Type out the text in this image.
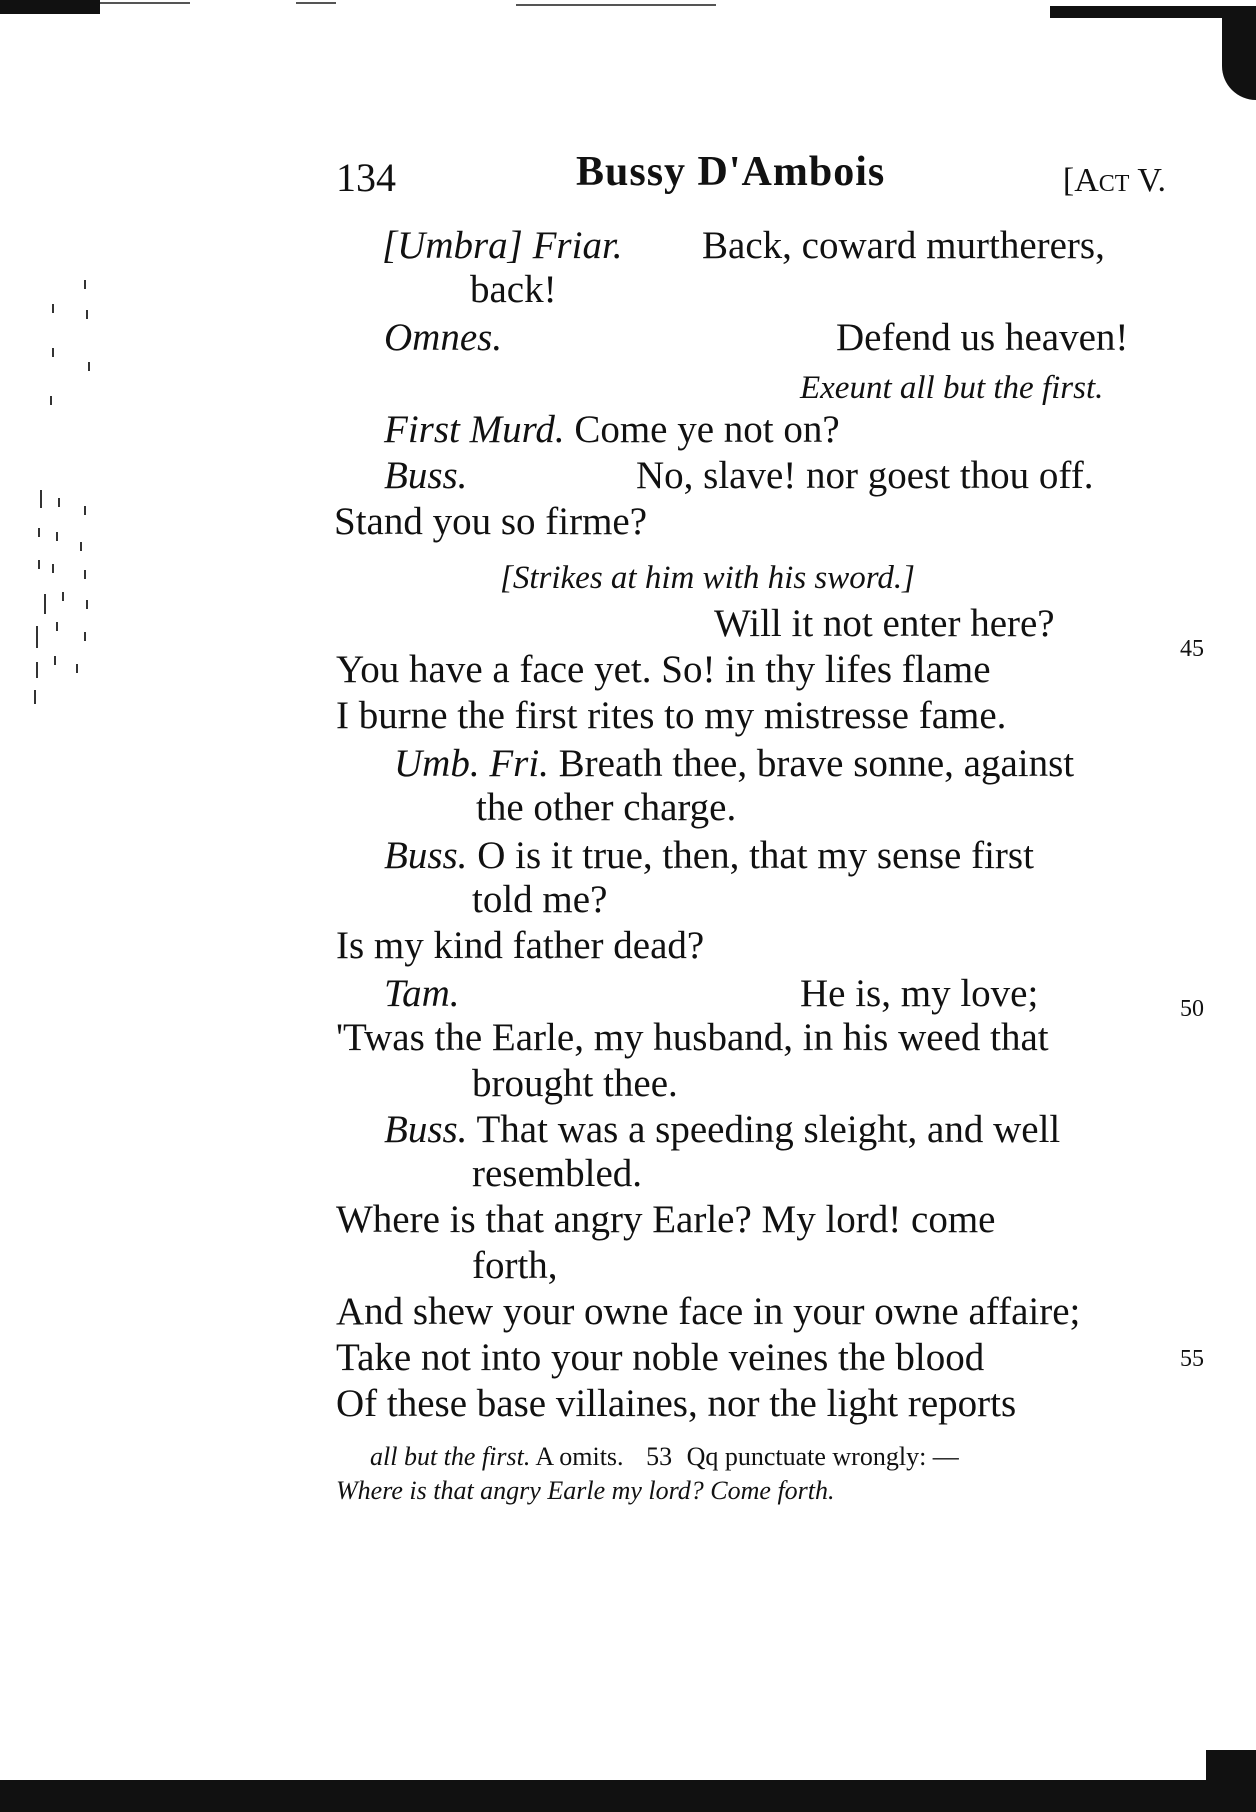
134	Bussy D'Ambois	[Act V.
[Umbra] Friar. Back, coward murtherers,
back!
Omnes.	Defend us heaven!
Exeunt all but the first.
First Murd. Come ye not on?
Buss.	No, slave! nor goest thou off.
Stand you so firme?
[Strikes at him with his sword.]
Will it not enter here?
45
You have a face yet. So! in thy lifes flame
I burne the first rites to my mistresse fame.
Umb. Fri. Breath thee, brave sonne, against
the other charge.
Buss. O is it true, then, that my sense first
told me?
Is my kind father dead?
Tam.	He is, my love;	50
'Twas the Earle, my husband, in his weed that
brought thee.
Buss. That was a speeding sleight, and well
resembled.
Where is that angry Earle? My lord! come
forth,
And shew your owne face in your owne affaire;
Take not into your noble veines the blood	55
Of these base villaines, nor the light reports
all but the first. A omits. 53 Qq punctuate wrongly: —
Where is that angry Earle my lord? Come forth.
